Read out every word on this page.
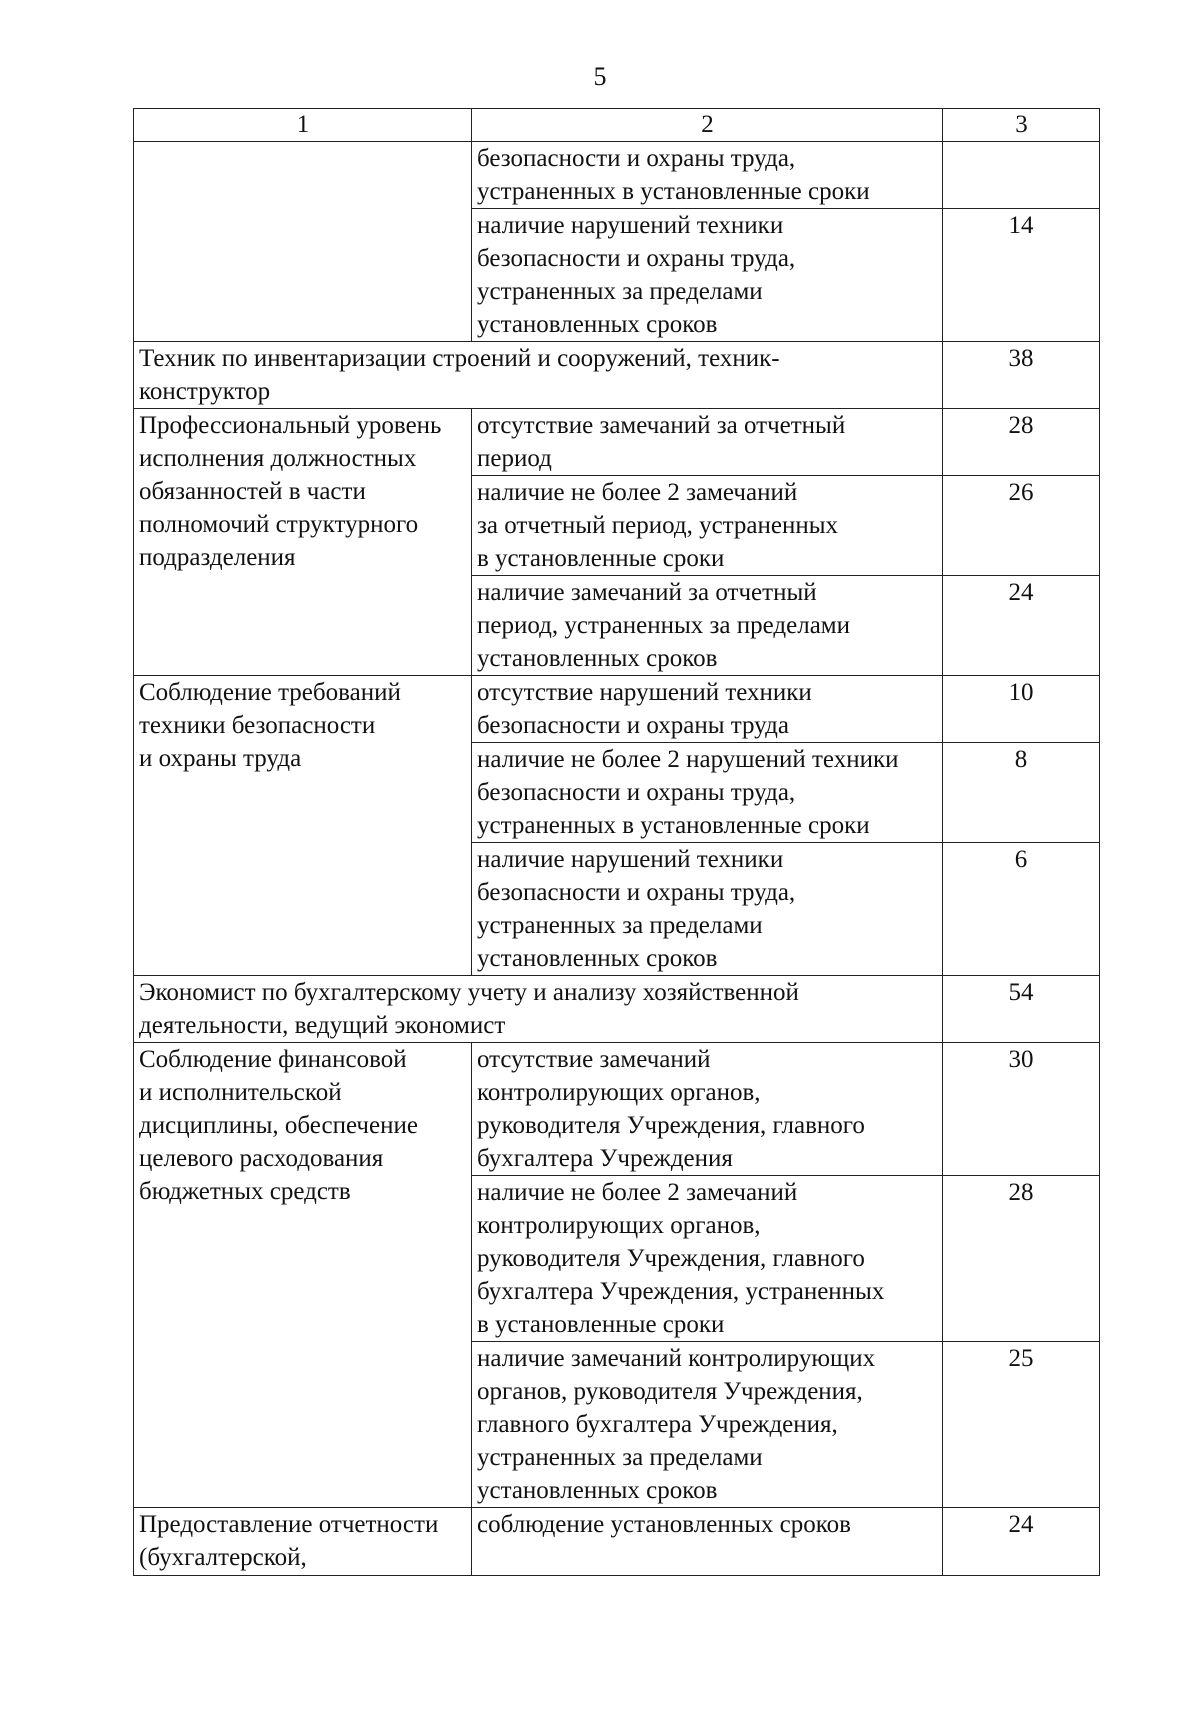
5
1	2	3
	безопасности и охраны труда,
устраненных в установленные сроки	
	наличие нарушений техники
безопасности и охраны труда,
устраненных за пределами
установленных сроков	14
Техник по инвентаризации строений и сооружений, техник-
конструктор		38
Профессиональный уровень
исполнения должностных
обязанностей в части
полномочий структурного
подразделения	отсутствие замечаний за отчетный
период	28
	наличие не более 2 замечаний
за отчетный период, устраненных
в установленные сроки	26
	наличие замечаний за отчетный
период, устраненных за пределами
установленных сроков	24
Соблюдение требований
техники безопасности
и охраны труда	отсутствие нарушений техники
безопасности и охраны труда	10
	наличие не более 2 нарушений техники
безопасности и охраны труда,
устраненных в установленные сроки	8
	наличие нарушений техники
безопасности и охраны труда,
устраненных за пределами
установленных сроков	6
Экономист по бухгалтерскому учету и анализу хозяйственной
деятельности, ведущий экономист		54
Соблюдение финансовой
и исполнительской
дисциплины, обеспечение
целевого расходования
бюджетных средств	отсутствие замечаний
контролирующих органов,
руководителя Учреждения, главного
бухгалтера Учреждения	30
	наличие не более 2 замечаний
контролирующих органов,
руководителя Учреждения, главного
бухгалтера Учреждения, устраненных
в установленные сроки	28
	наличие замечаний контролирующих
органов, руководителя Учреждения,
главного бухгалтера Учреждения,
устраненных за пределами
установленных сроков	25
Предоставление отчетности
(бухгалтерской,	соблюдение установленных сроков	24
